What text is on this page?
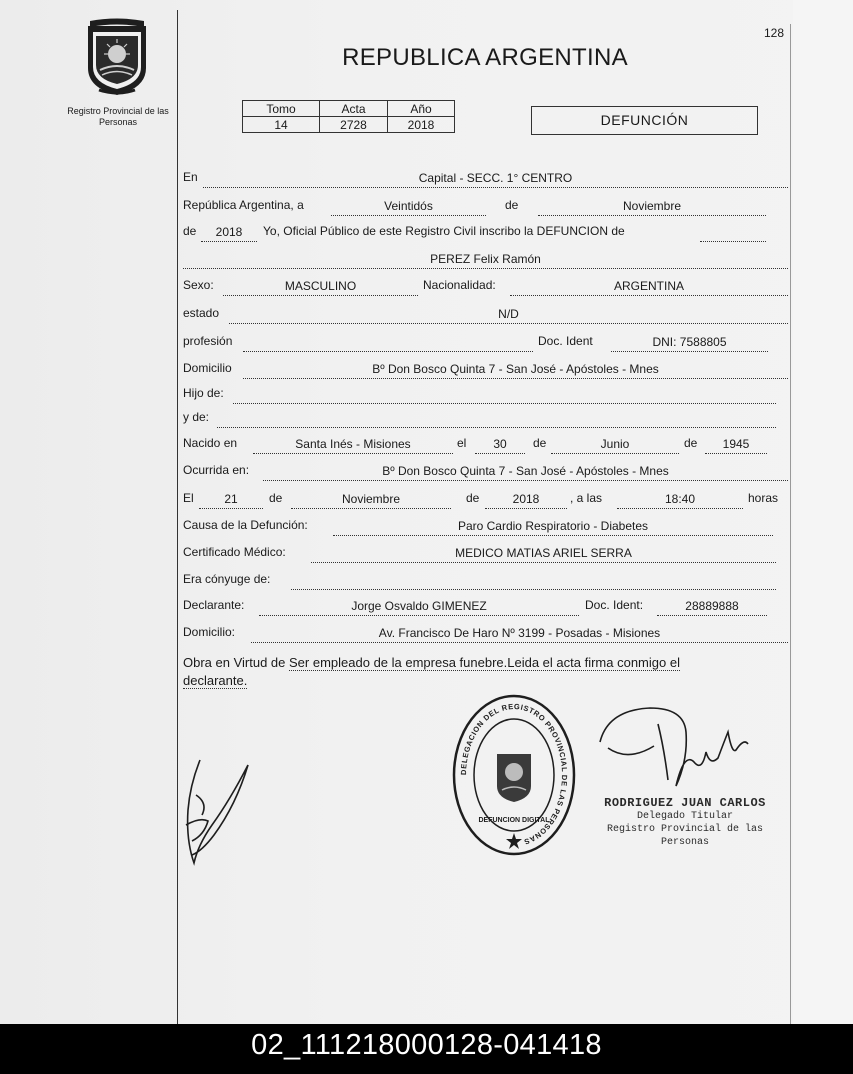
128
Registro Provincial de las Personas
REPUBLICA ARGENTINA
Tomo	Acta	Año
14	2728	2018	DEFUNCIÓN
En	Capital - SECC. 1° CENTRO
República Argentina, a	Veintidós	de	Noviembre
de	2018	Yo, Oficial Público de este Registro Civil inscribo la DEFUNCION de
PEREZ Felix Ramón
Sexo:	MASCULINO	Nacionalidad:	ARGENTINA
estado	N/D
profesión	Doc. Ident	DNI: 7588805
Domicilio	Bº Don Bosco Quinta 7 - San José - Apóstoles - Mnes
Hijo de:
y de:
Nacido en	Santa Inés - Misiones	el	30	de	Junio	de	1945
Ocurrida en:	Bº Don Bosco Quinta 7 - San José - Apóstoles - Mnes
El	21	de	Noviembre	de	2018	, a las	18:40	horas
Causa de la Defunción:	Paro Cardio Respiratorio - Diabetes
Certificado Médico:	MEDICO MATIAS ARIEL SERRA
Era cónyuge de:
Declarante:	Jorge Osvaldo GIMENEZ	Doc. Ident:	28889888
Domicilio:	Av. Francisco De Haro Nº 3199 - Posadas - Misiones
Obra en Virtud de Ser empleado de la empresa funebre.Leida el acta firma conmigo el
declarante.
DELEGACION DEL REGISTRO PROVINCIAL DE LAS PERSONAS
DEFUNCION DIGITAL
RODRIGUEZ JUAN CARLOS
Delegado Titular
Registro Provincial de las Personas
02_111218000128-041418
